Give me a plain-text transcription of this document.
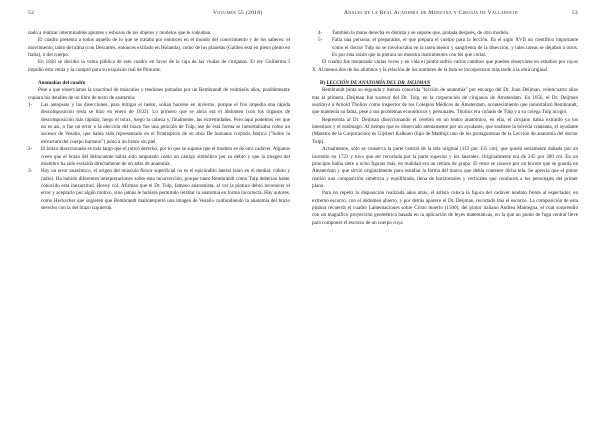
52	Volumen 55 (2018)

nado a realizar interminables apuntes y esbozos de los objetos y modelos que le rodeaban.

El cuadro presenta a todos aquello de lo que se trataba por entonces en el mundo del conocimiento y de los saberes: el movimiento, tanto del alma (con Descartes, entonces exiliado en Holanda), como de los planetas (Galileo está en pleno pleito en Italia), o del cuerpo.

En 1828 se decidió la venta pública de este cuadro en favor de la caja de las viudas de cirujanos. El rey Guillermo I impidió esta venta y la compró para su exquisito real de Pinturas.

Anomalías del cuadro

Pese a que observamos la exactitud de músculos y tendones pintados por un Rembrandt de veintiséis años, posiblemente copiara los detalles de un libro de texto de anatomía:

1- Las autopsias y las disecciones, para mitigar el hedor, solían hacerse en invierno, porque el frío impedía una rápida descomposición (esta se hizo en enero de 1632). Lo primero que se abría era el abdomen (con los órganos de descomposición más rápida), luego el tórax, luego la cabeza y, finalmente, las extremidades. Pero aquí podemos ver que no es así, o fue un error o la elección del brazo fue una petición de Tulp, ase de esta forma se inmortalizaba como un sucesor de Vesalio, que había sido representado en el frontispicio de su obra De humanis corporis fabrica ("Sobre la estructura del cuerpo humano") junto a un brazo sin piel.
2- El brazo diseccionado es más largo que el (otro) derecho, por lo que se supone que el modelo es de otro cadáver. Algunos creen que el brazo del delincuente había sido amputado como un castigo simbólico por su delito y que la imagen del miembro ha sido extraída directamente de un atlas de anatomía.
3- Hay un error anatómico, el origen del músculo flexor superficial no es el epicóndilo lateral (sino en el medial, cúbito y radio). Ha habido diferentes interpretaciones sobre esta incorrección, porque tanto Rembrandt como Tulp deberían haber conocido esta inexactitud. Hovey col. Afirman que el Dr. Tulp, famoso anatomista, al ver la pintura debió reconocer el error y aceptarlo por algún motivo, sino jamás le hubiera permitido retratar la anatomía en forma incorrecta. Hay autores, como Heckscher que sugieren que Rembrandt malinterpretó una imagen de Vesalio confundiendo la anatomía del brazo derecho con la del brazo izquierdo.
Anales de la Real Academia de Medicina y Cirugía de Valladolid	53
4- También la mano derecha es distinta y se supone que, pintada después, de otro modelo.
5- Falta una persona: el preparador, el que prepara el cuerpo para la lección. En el siglo XVII un científico importante como el doctor Tulp no se involucraba en la tarea menor y sangrienta de la disección, y tales tareas se dejaban a otros. Es por esta razón que la pintura no muestra instrumentos con los que cortar.

El cuadro fue restaurado varias veces y en vida el pintor sufrió varios cambios que pueden observarse en estudios por rayos X. Al menos dos de los alumnos y la relación de los nombres de la lista se incorporaron más tarde a la obra original.

B) LECCIÓN DE ANATOMÍA DEL DR. DEIJMAN

Rembrandt pinta su segunda y menos conocida "lección de anatomía" por encargo del Dr. Joan Deijman, veinticuatro años tras la primera. Deijman fue sucesor del Dr. Tulp, en la corporación de cirujanos de Ámsterdam. En 1656, el Dr. Deijman sustituyó a Arnold Tholinx como inspector de los Colegios Médicos de Ámsterdam, acontecimiento que inmortalizó Rembrandt, que mantenía su fama, pese a sus problemas económicos y personales. Tholinx era cuñado de Tulp y a su colega Tulp acogió.

Representa al Dr. Deijman diseccionando el cerebro en un teatro anatómico, en ella, el cirujano había extraído ya los intestinos y el estómago. Al tiempo que es observado atentamente por un ayudante, que sostiene la bóveda craneana, el ayudante (Maestro de la Corporación) es Gijsbert Kalkoen (hijo de Matthijs uno de los protagonistas de la Lección de anatomía del doctor Tulp).

Actualmente, sólo se conserva la parte central de la tela original (113 por 135 cm), que quedó seriamente dañada por un incendio en 1723 y tuvo que ser recortada por la parte superior y los laterales. Originalmente era de 245 por 300 cm. En un principio había siete u ocho figuras más, en realidad era un retrato de grupo. El resto se conoce por un boceto que se guarda en Ámsterdam y que sirvió originalmente para estudiar la forma del marco que debía contener dicha tela. Se aprecia que el pintor realizó una composición simétrica y equilibrada, llena de horizontales y verticales que conducen a los personajes del primer plano.

Para no repetir la disposición realizada años atrás, el artista coloca la figura del cadáver tendido frente al espectador, en extremo escorzo, con el abdomen abierto, y por detrás aparece el Dr. Deijman, recortado tras el escorzo. La composición de esta pintura recuerda el cuadro Lamentaciones sobre Cristo muerto (1500), del pintor italiano Andrea Mantegna, el cual sorprendió con un magnífico proyección geométrica basada en la aplicación de leyes matemáticas, en la que un punto de fuga central lleve para componer el escorzo de un cuerpo cuya
